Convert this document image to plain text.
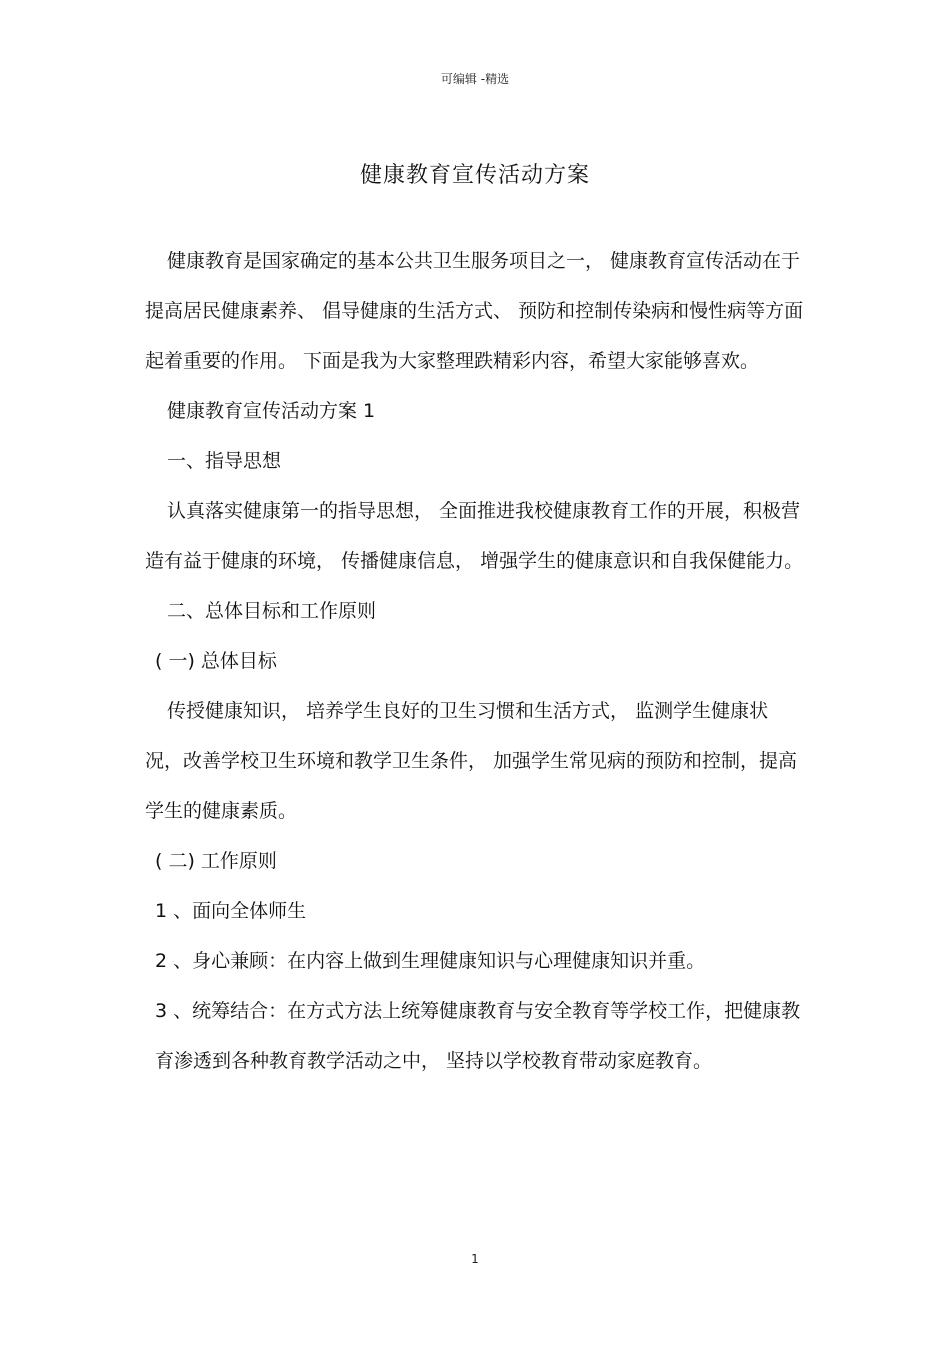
可编辑 -精选
健康教育宣传活动方案

健康教育是国家确定的基本公共卫生服务项目之一， 健康教育宣传活动在于提高居民健康素养、 倡导健康的生活方式、 预防和控制传染病和慢性病等方面起着重要的作用。 下面是我为大家整理跌精彩内容，希望大家能够喜欢。

健康教育宣传活动方案 1

一、指导思想

认真落实健康第一的指导思想， 全面推进我校健康教育工作的开展，积极营造有益于健康的环境， 传播健康信息， 增强学生的健康意识和自我保健能力。

二、总体目标和工作原则

( 一) 总体目标

传授健康知识， 培养学生良好的卫生习惯和生活方式， 监测学生健康状况，改善学校卫生环境和教学卫生条件， 加强学生常见病的预防和控制，提高学生的健康素质。

( 二) 工作原则

1 、面向全体师生

2 、身心兼顾：在内容上做到生理健康知识与心理健康知识并重。

3 、统筹结合：在方式方法上统筹健康教育与安全教育等学校工作，把健康教育渗透到各种教育教学活动之中， 坚持以学校教育带动家庭教育。

1
